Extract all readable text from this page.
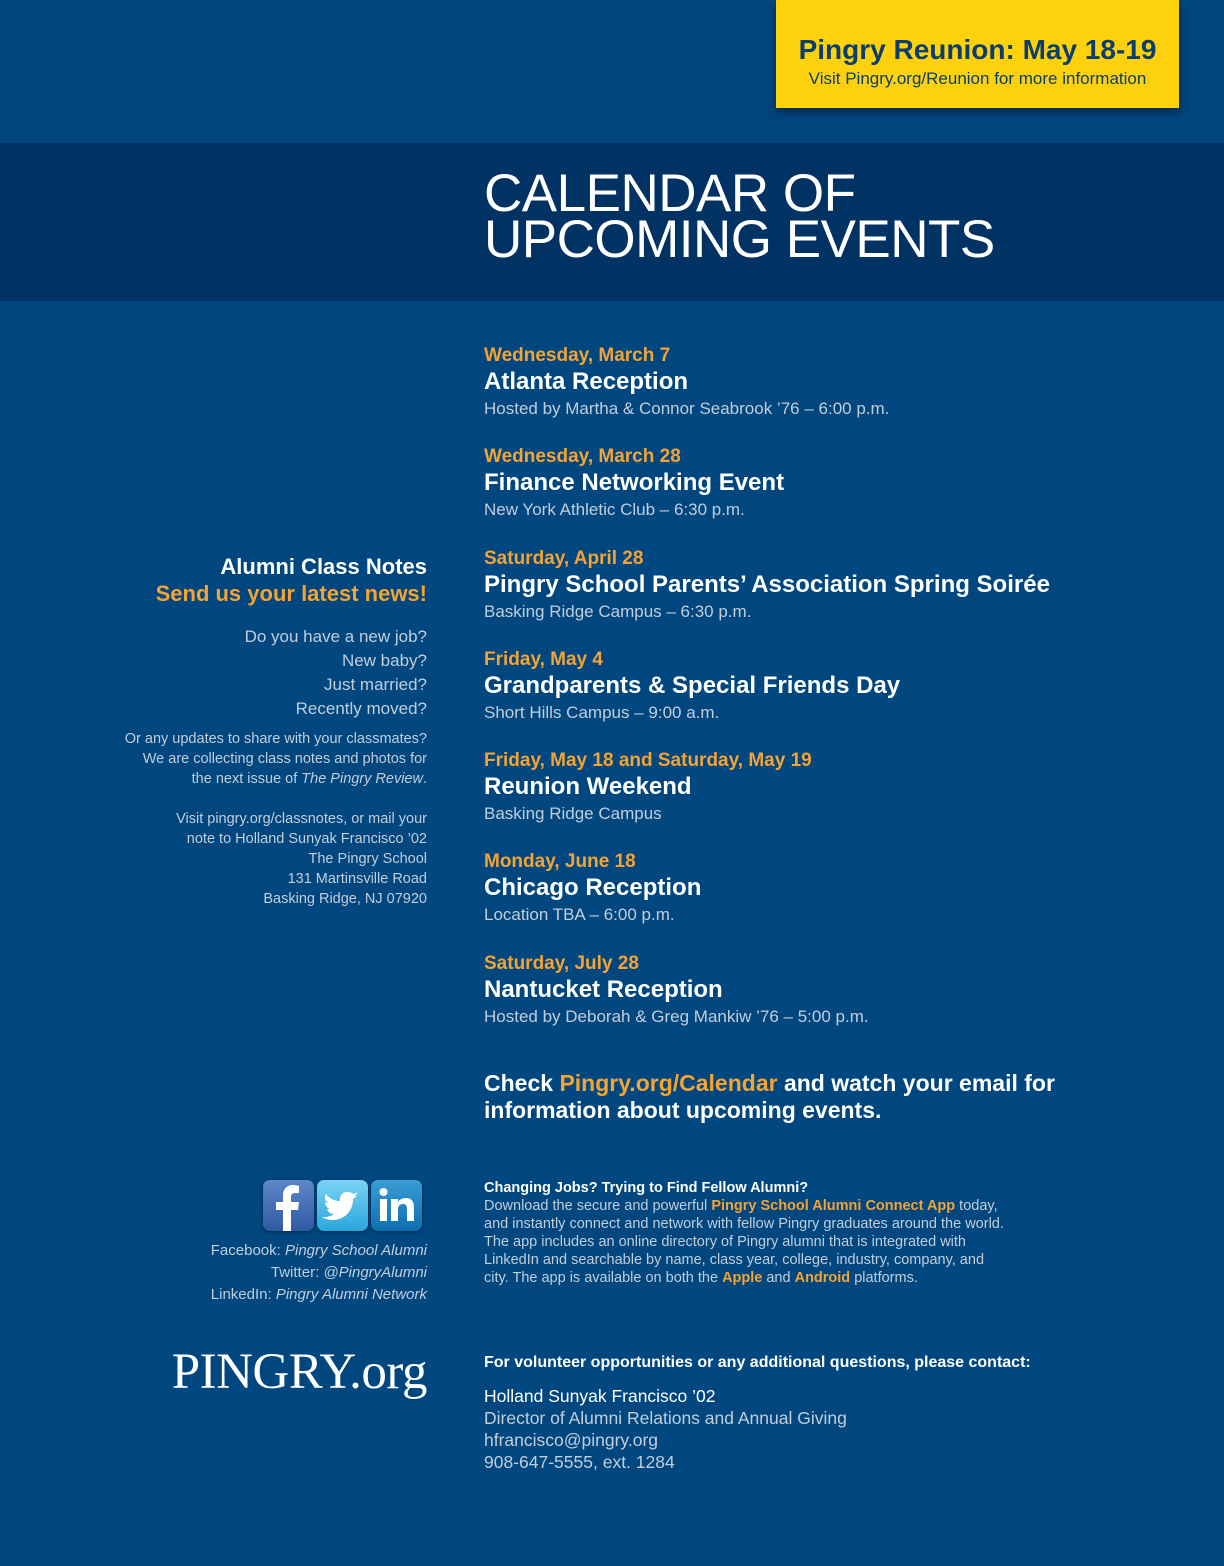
Pingry Reunion: May 18-19
Visit Pingry.org/Reunion for more information
CALENDAR OF
UPCOMING EVENTS
Wednesday, March 7
Atlanta Reception
Hosted by Martha & Connor Seabrook ’76 – 6:00 p.m.
Wednesday, March 28
Finance Networking Event
New York Athletic Club – 6:30 p.m.
Saturday, April 28
Pingry School Parents’ Association Spring Soirée
Basking Ridge Campus – 6:30 p.m.
Friday, May 4
Grandparents & Special Friends Day
Short Hills Campus – 9:00 a.m.
Friday, May 18 and Saturday, May 19
Reunion Weekend
Basking Ridge Campus
Monday, June 18
Chicago Reception
Location TBA – 6:00 p.m.
Saturday, July 28
Nantucket Reception
Hosted by Deborah & Greg Mankiw ’76 – 5:00 p.m.
Check Pingry.org/Calendar and watch your email for information about upcoming events.
Alumni Class Notes
Send us your latest news!
Do you have a new job?
New baby?
Just married?
Recently moved?
Or any updates to share with your classmates?
We are collecting class notes and photos for
the next issue of The Pingry Review.
Visit pingry.org/classnotes, or mail your
note to Holland Sunyak Francisco ’02
The Pingry School
131 Martinsville Road
Basking Ridge, NJ 07920
Facebook: Pingry School Alumni
Twitter: @PingryAlumni
LinkedIn: Pingry Alumni Network
PINGRY.org
Changing Jobs? Trying to Find Fellow Alumni?
Download the secure and powerful Pingry School Alumni Connect App today, and instantly connect and network with fellow Pingry graduates around the world. The app includes an online directory of Pingry alumni that is integrated with LinkedIn and searchable by name, class year, college, industry, company, and city. The app is available on both the Apple and Android platforms.
For volunteer opportunities or any additional questions, please contact:
Holland Sunyak Francisco ’02
Director of Alumni Relations and Annual Giving
hfrancisco@pingry.org
908-647-5555, ext. 1284
